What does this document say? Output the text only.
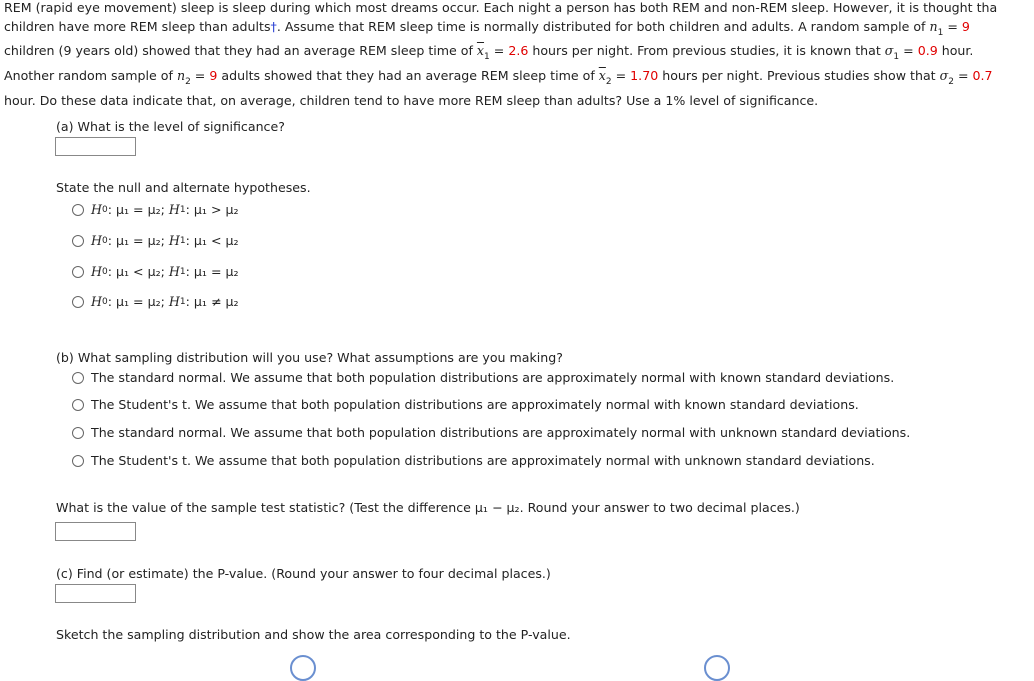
REM (rapid eye movement) sleep is sleep during which most dreams occur. Each night a person has both REM and non-REM sleep. However, it is thought tha
children have more REM sleep than adults†. Assume that REM sleep time is normally distributed for both children and adults. A random sample of $n_1 = 9$
children (9 years old) showed that they had an average REM sleep time of $\overline{x}_1 = 2.6$ hours per night. From previous studies, it is known that $\sigma_1 = 0.9$ hour.
Another random sample of $n_2 = 9$ adults showed that they had an average REM sleep time of $\overline{x}_2 = 1.70$ hours per night. Previous studies show that $\sigma_2 = 0.7$
hour. Do these data indicate that, on average, children tend to have more REM sleep than adults? Use a 1% level of significance.
(a) What is the level of significance?
State the null and alternate hypotheses.
H 0 : μ₁ = μ₂ ; H 1 : μ₁ > μ₂
H 0 : μ₁ = μ₂ ; H 1 : μ₁ < μ₂
H 0 : μ₁ < μ₂ ; H 1 : μ₁ = μ₂
H 0 : μ₁ = μ₂ ; H 1 : μ₁ ≠ μ₂
(b) What sampling distribution will you use? What assumptions are you making?
The standard normal. We assume that both population distributions are approximately normal with known standard deviations.
The Student's t. We assume that both population distributions are approximately normal with known standard deviations.
The standard normal. We assume that both population distributions are approximately normal with unknown standard deviations.
The Student's t. We assume that both population distributions are approximately normal with unknown standard deviations.
What is the value of the sample test statistic? (Test the difference μ₁ − μ₂. Round your answer to two decimal places.)
(c) Find (or estimate) the P-value. (Round your answer to four decimal places.)
Sketch the sampling distribution and show the area corresponding to the P-value.
